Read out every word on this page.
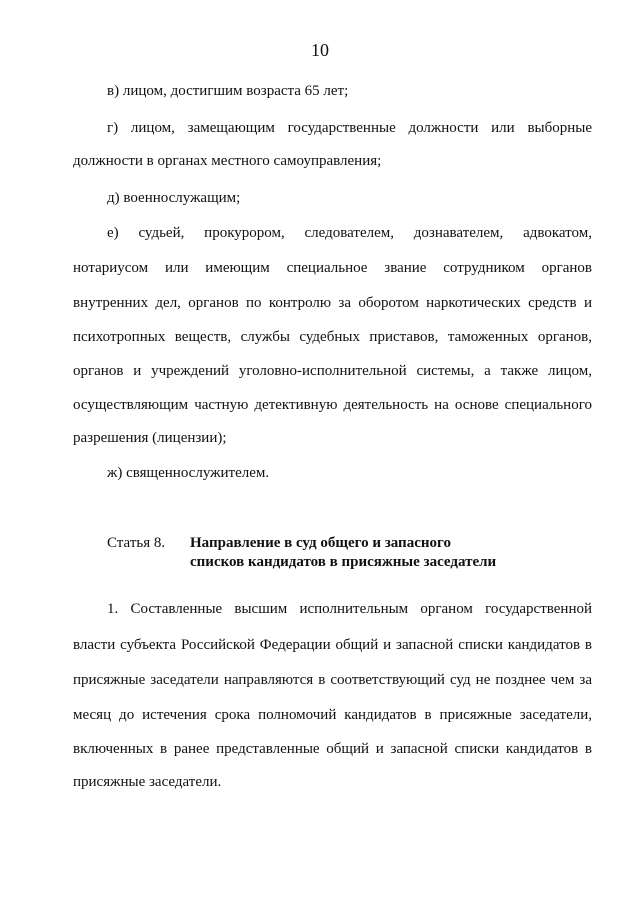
10
в) лицом, достигшим возраста 65 лет;
г) лицом, замещающим государственные должности или выборные
должности в органах местного самоуправления;
д) военнослужащим;
е) судьей, прокурором, следователем, дознавателем, адвокатом,
нотариусом или имеющим специальное звание сотрудником органов
внутренних дел, органов по контролю за оборотом наркотических средств и
психотропных веществ, службы судебных приставов, таможенных органов,
органов и учреждений уголовно-исполнительной системы, а также лицом,
осуществляющим частную детективную деятельность на основе специального
разрешения (лицензии);
ж) священнослужителем.
Статья 8. Направление в суд общего и запасного
списков кандидатов в присяжные заседатели
1. Составленные высшим исполнительным органом государственной
власти субъекта Российской Федерации общий и запасной списки кандидатов в
присяжные заседатели направляются в соответствующий суд не позднее чем за
месяц до истечения срока полномочий кандидатов в присяжные заседатели,
включенных в ранее представленные общий и запасной списки кандидатов в
присяжные заседатели.
